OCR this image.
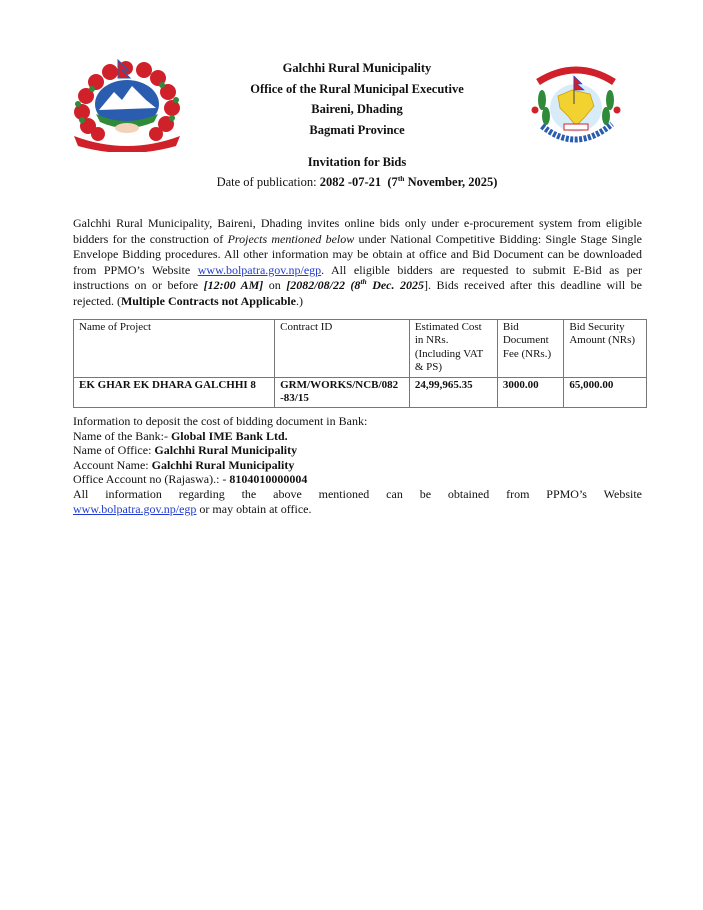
Galchhi Rural Municipality
Office of the Rural Municipal Executive
Baireni, Dhading
Bagmati Province
Invitation for Bids
Date of publication: 2082 -07-21 (7th November, 2025)
Galchhi Rural Municipality, Baireni, Dhading invites online bids only under e-procurement system from eligible bidders for the construction of Projects mentioned below under National Competitive Bidding: Single Stage Single Envelope Bidding procedures. All other information may be obtain at office and Bid Document can be downloaded from PPMO’s Website www.bolpatra.gov.np/egp. All eligible bidders are requested to submit E-Bid as per instructions on or before [12:00 AM] on [2082/08/22 (8th Dec. 2025]. Bids received after this deadline will be rejected. (Multiple Contracts not Applicable.)
Name of Project	Contract ID	Estimated Cost in NRs. (Including VAT & PS)	Bid Document Fee (NRs.)	Bid Security Amount (NRs)
EK GHAR EK DHARA GALCHHI 8	GRM/WORKS/NCB/082 -83/15	24,99,965.35	3000.00	65,000.00
Information to deposit the cost of bidding document in Bank:
Name of the Bank:- Global IME Bank Ltd.
Name of Office: Galchhi Rural Municipality
Account Name: Galchhi Rural Municipality
Office Account no (Rajaswa).: - 8104010000004
All information regarding the above mentioned can be obtained from PPMO’s Website
www.bolpatra.gov.np/egp or may obtain at office.
